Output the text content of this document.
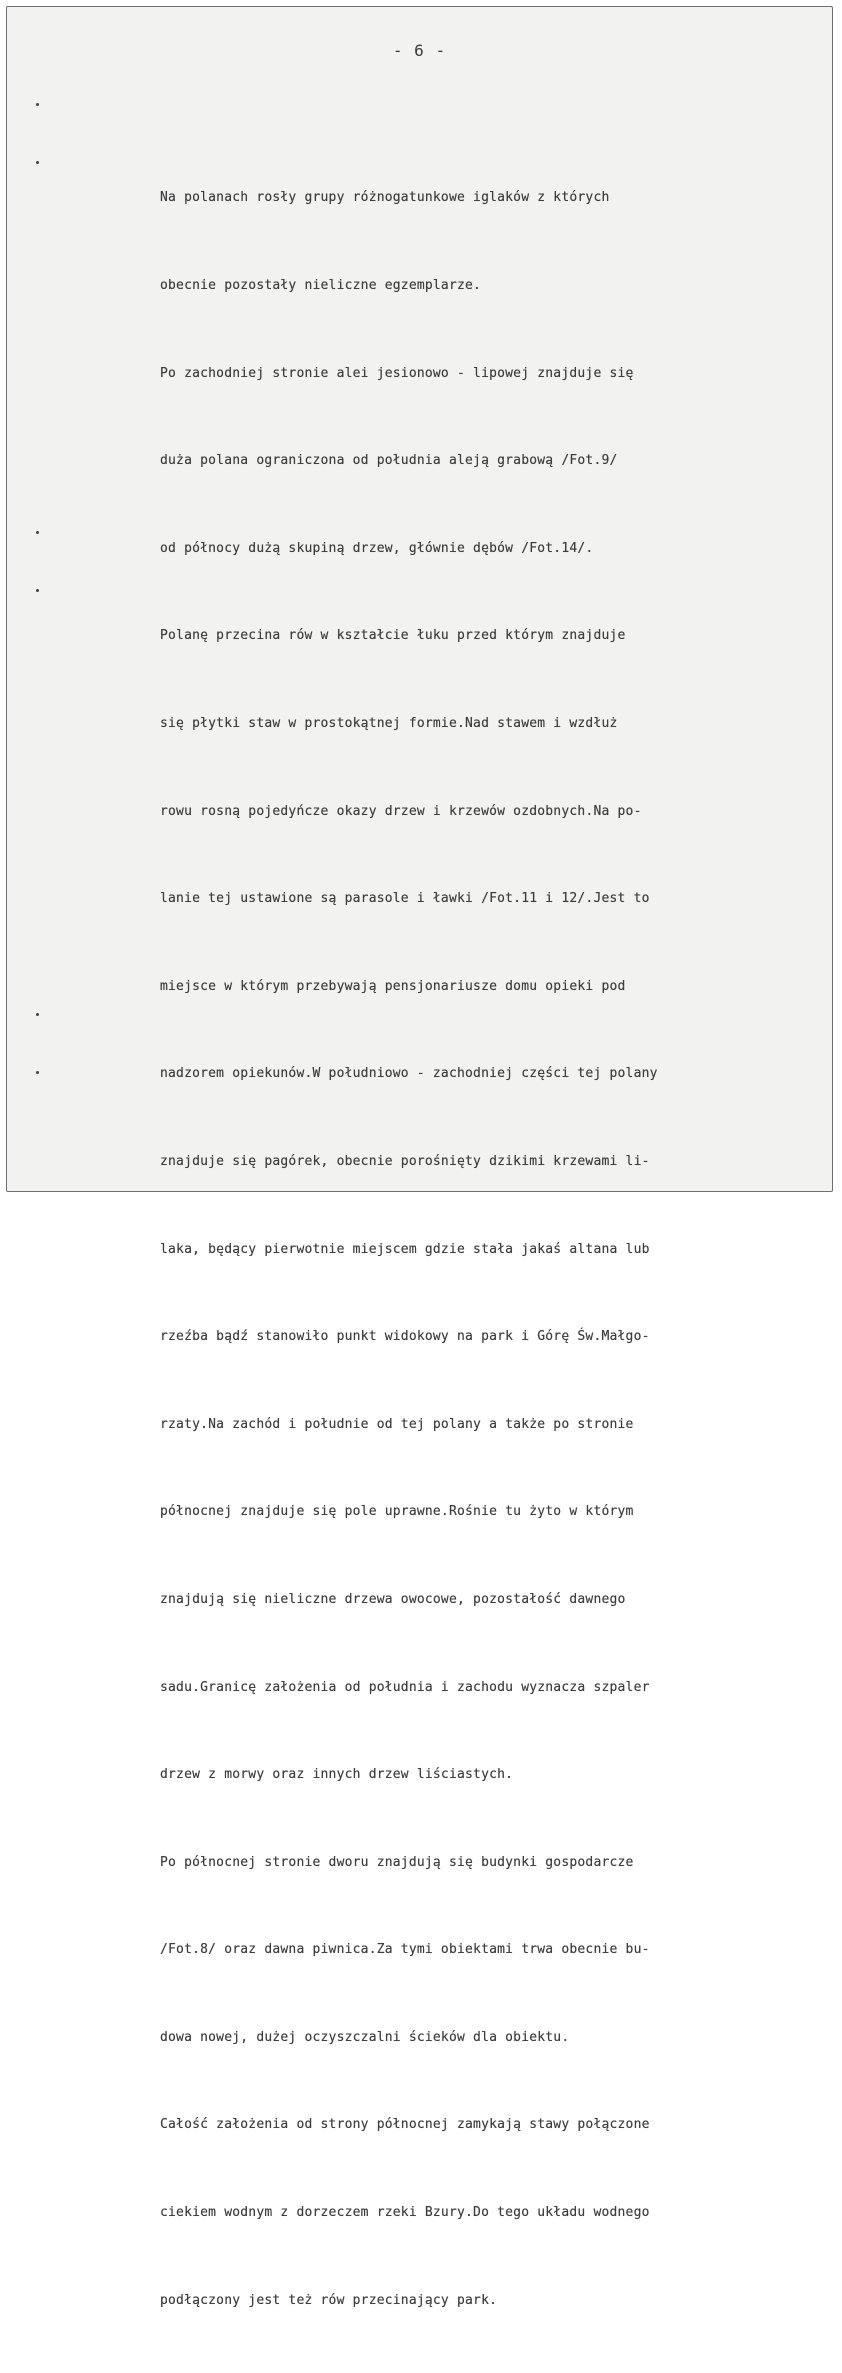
- 6 -

Na polanach rosły grupy różnogatunkowe iglaków z których

obecnie pozostały nieliczne egzemplarze.

Po zachodniej stronie alei jesionowo - lipowej znajduje się

duża polana ograniczona od południa aleją grabową /Fot.9/

od północy dużą skupiną drzew, głównie dębów /Fot.14/.

Polanę przecina rów w kształcie łuku przed którym znajduje

się płytki staw w prostokątnej formie.Nad stawem i wzdłuż

rowu rosną pojedyńcze okazy drzew i krzewów ozdobnych.Na po-

lanie tej ustawione są parasole i ławki /Fot.11 i 12/.Jest to

miejsce w którym przebywają pensjonariusze domu opieki pod

nadzorem opiekunów.W południowo - zachodniej części tej polany

znajduje się pagórek, obecnie porośnięty dzikimi krzewami li-

laka, będący pierwotnie miejscem gdzie stała jakaś altana lub

rzeźba bądź stanowiło punkt widokowy na park i Górę Św.Małgo-

rzaty.Na zachód i południe od tej polany a także po stronie

północnej znajduje się pole uprawne.Rośnie tu żyto w którym

znajdują się nieliczne drzewa owocowe, pozostałość dawnego

sadu.Granicę założenia od południa i zachodu wyznacza szpaler

drzew z morwy oraz innych drzew liściastych.

Po północnej stronie dworu znajdują się budynki gospodarcze

/Fot.8/ oraz dawna piwnica.Za tymi obiektami trwa obecnie bu-

dowa nowej, dużej oczyszczalni ścieków dla obiektu.

Całość założenia od strony północnej zamykają stawy połączone

ciekiem wodnym z dorzeczem rzeki Bzury.Do tego układu wodnego

podłączony jest też rów przecinający park.
